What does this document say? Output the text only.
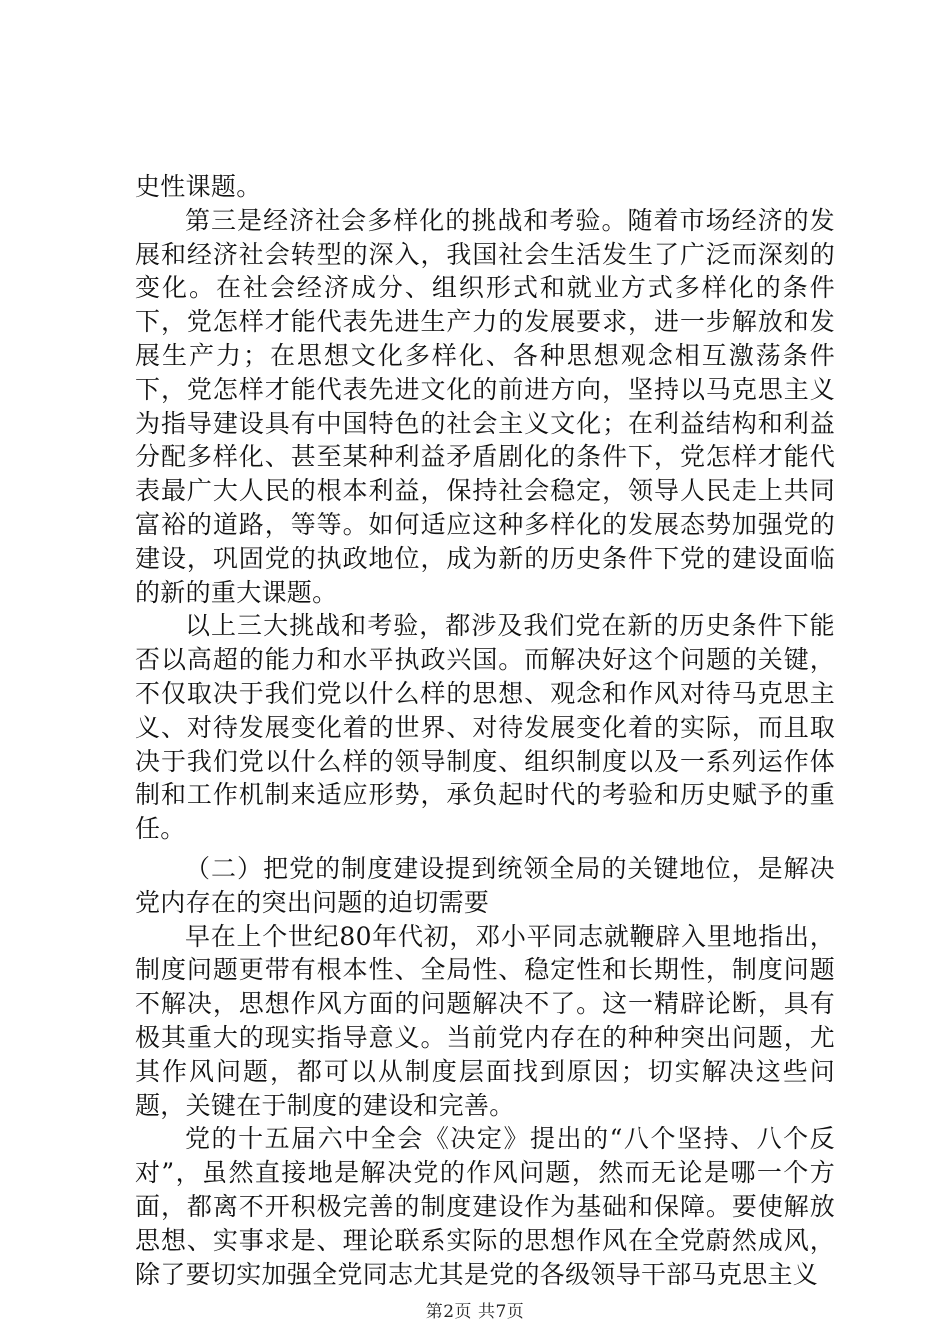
史性课题。

第三是经济社会多样化的挑战和考验。随着市场经济的发展和经济社会转型的深入，我国社会生活发生了广泛而深刻的变化。在社会经济成分、组织形式和就业方式多样化的条件下，党怎样才能代表先进生产力的发展要求，进一步解放和发展生产力；在思想文化多样化、各种思想观念相互激荡条件下，党怎样才能代表先进文化的前进方向，坚持以马克思主义为指导建设具有中国特色的社会主义文化；在利益结构和利益分配多样化、甚至某种利益矛盾剧化的条件下，党怎样才能代表最广大人民的根本利益，保持社会稳定，领导人民走上共同富裕的道路，等等。如何适应这种多样化的发展态势加强党的建设，巩固党的执政地位，成为新的历史条件下党的建设面临的新的重大课题。

以上三大挑战和考验，都涉及我们党在新的历史条件下能否以高超的能力和水平执政兴国。而解决好这个问题的关键，不仅取决于我们党以什么样的思想、观念和作风对待马克思主义、对待发展变化着的世界、对待发展变化着的实际，而且取决于我们党以什么样的领导制度、组织制度以及一系列运作体制和工作机制来适应形势，承负起时代的考验和历史赋予的重任。

（二）把党的制度建设提到统领全局的关键地位，是解决党内存在的突出问题的迫切需要

早在上个世纪80年代初，邓小平同志就鞭辟入里地指出，制度问题更带有根本性、全局性、稳定性和长期性，制度问题不解决，思想作风方面的问题解决不了。这一精辟论断，具有极其重大的现实指导意义。当前党内存在的种种突出问题，尤其作风问题，都可以从制度层面找到原因；切实解决这些问题，关键在于制度的建设和完善。

党的十五届六中全会《决定》提出的“八个坚持、八个反对”，虽然直接地是解决党的作风问题，然而无论是哪一个方面，都离不开积极完善的制度建设作为基础和保障。要使解放思想、实事求是、理论联系实际的思想作风在全党蔚然成风，除了要切实加强全党同志尤其是党的各级领导干部马克思主义

第2页 共7页
